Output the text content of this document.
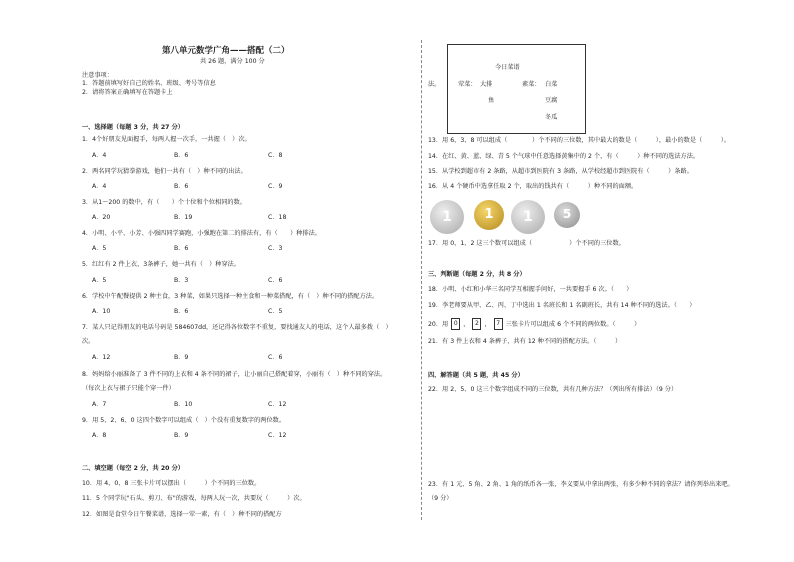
第八单元数学广角——搭配（二）
共 26 题，满分 100 分
注意事项：
1．答题前填写好自己的姓名、班级、考号等信息
2．请将答案正确填写在答题卡上
一、选择题（每题 3 分，共 27 分）
1．4个好朋友见面握手，每两人握一次手，一共握（　）次。
A．4	B．6	C．8
2．两名同学玩猜拳游戏，他们一共有（　）种不同的出法。
A．4	B．6	C．9
3．从1～200 的数中，有（　　）个十位和个位相同的数。
A．20	B．19	C．18
4．小明、小平、小芳、小强四同学赛跑，小强跑在第二的排法有，有（　　）种排法。
A．5	B．6	C．3
5．红红有 2 件上衣，3条裤子，她一共有（　）种穿法。
A．5	B．3	C．6
6．学校中午配餐提供 2 种主食，3 种菜，如果只选择一种主食和一种菜搭配，有（　）种不同的搭配方法。
A．10	B．6	C．5
7．某人只记得朋友的电话号码是 584607dd，还记得各位数字不重复，要找通友人的电话，这个人最多拨（　）
次。
A．12	B．9	C．6
8．妈妈给小丽准备了 3 件不同的上衣和 4 条不同的裙子，让小丽自己搭配着穿，小丽有（　）种不同的穿法。
（每次上衣与裙子只能个穿一件）
A．7	B．10	C．12
9．用 5、2、6、0 这四个数字可以组成（　）个没有重复数字的两位数。
A．8	B．9	C．12
二、填空题（每空 2 分，共 20 分）
10．用 4、0、8 三张卡片可以摆出（　　　）个不同的三位数。
11．5 个同学玩"石头、剪刀、布"的游戏，每两人玩一次，共要玩（　　　）次。
12．如图是食堂今日午餐菜谱，选择一荤一素，有（　）种不同的搭配方
今日菜谱
荤菜： 大排
鱼
素菜： 白菜
豆腐
冬瓜
法。
13．用 6、3、8 可以组成（　　　　）个不同的三位数，其中最大的数是（　　　），最小的数是（　　　）。
14．在红、黄、蓝、绿、青 5 个气球中任意选择黄集中的 2 个，有（　　　）种不同的选法方法。
15．从学校到超市有 2 条路，从超市到医院有 3 条路，从学校经超市到医院有（　　　）条路。
16．从 4 个硬币中选拿任取 2 个，取出的钱共有（　　　）种不同的面额。
1	1	1	5
17．用 0、1、2 这三个数可以组成（　　　　　　）个不同的三位数。
三、判断题（每题 2 分，共 8 分）
18．小明、小红和小华三名同学互相握手问好，一共要握手 6 次。（　　）
19．李老师要从甲、乙、丙、丁中选出 1 名班长和 1 名副班长，共有 14 种不同的选法。（　　）
20．用 0 ， 2 ， 7 三张卡片可以组成 6 个不同的两位数。（　　　）
21．有 3 件上衣和 4 条裤子，共有 12 种不同的搭配方法。（　　　）
四、解答题（共 5 题，共 45 分）
22．用 2、5、0 这三个数字组成不同的三位数，共有几种方法？（列出所有排法）（9 分）
23．有 1 元、5 角、2 角、1 角的纸币各一张，李义要从中拿出两张，有多少种不同的拿法？请你列举出来吧。
（9 分）
